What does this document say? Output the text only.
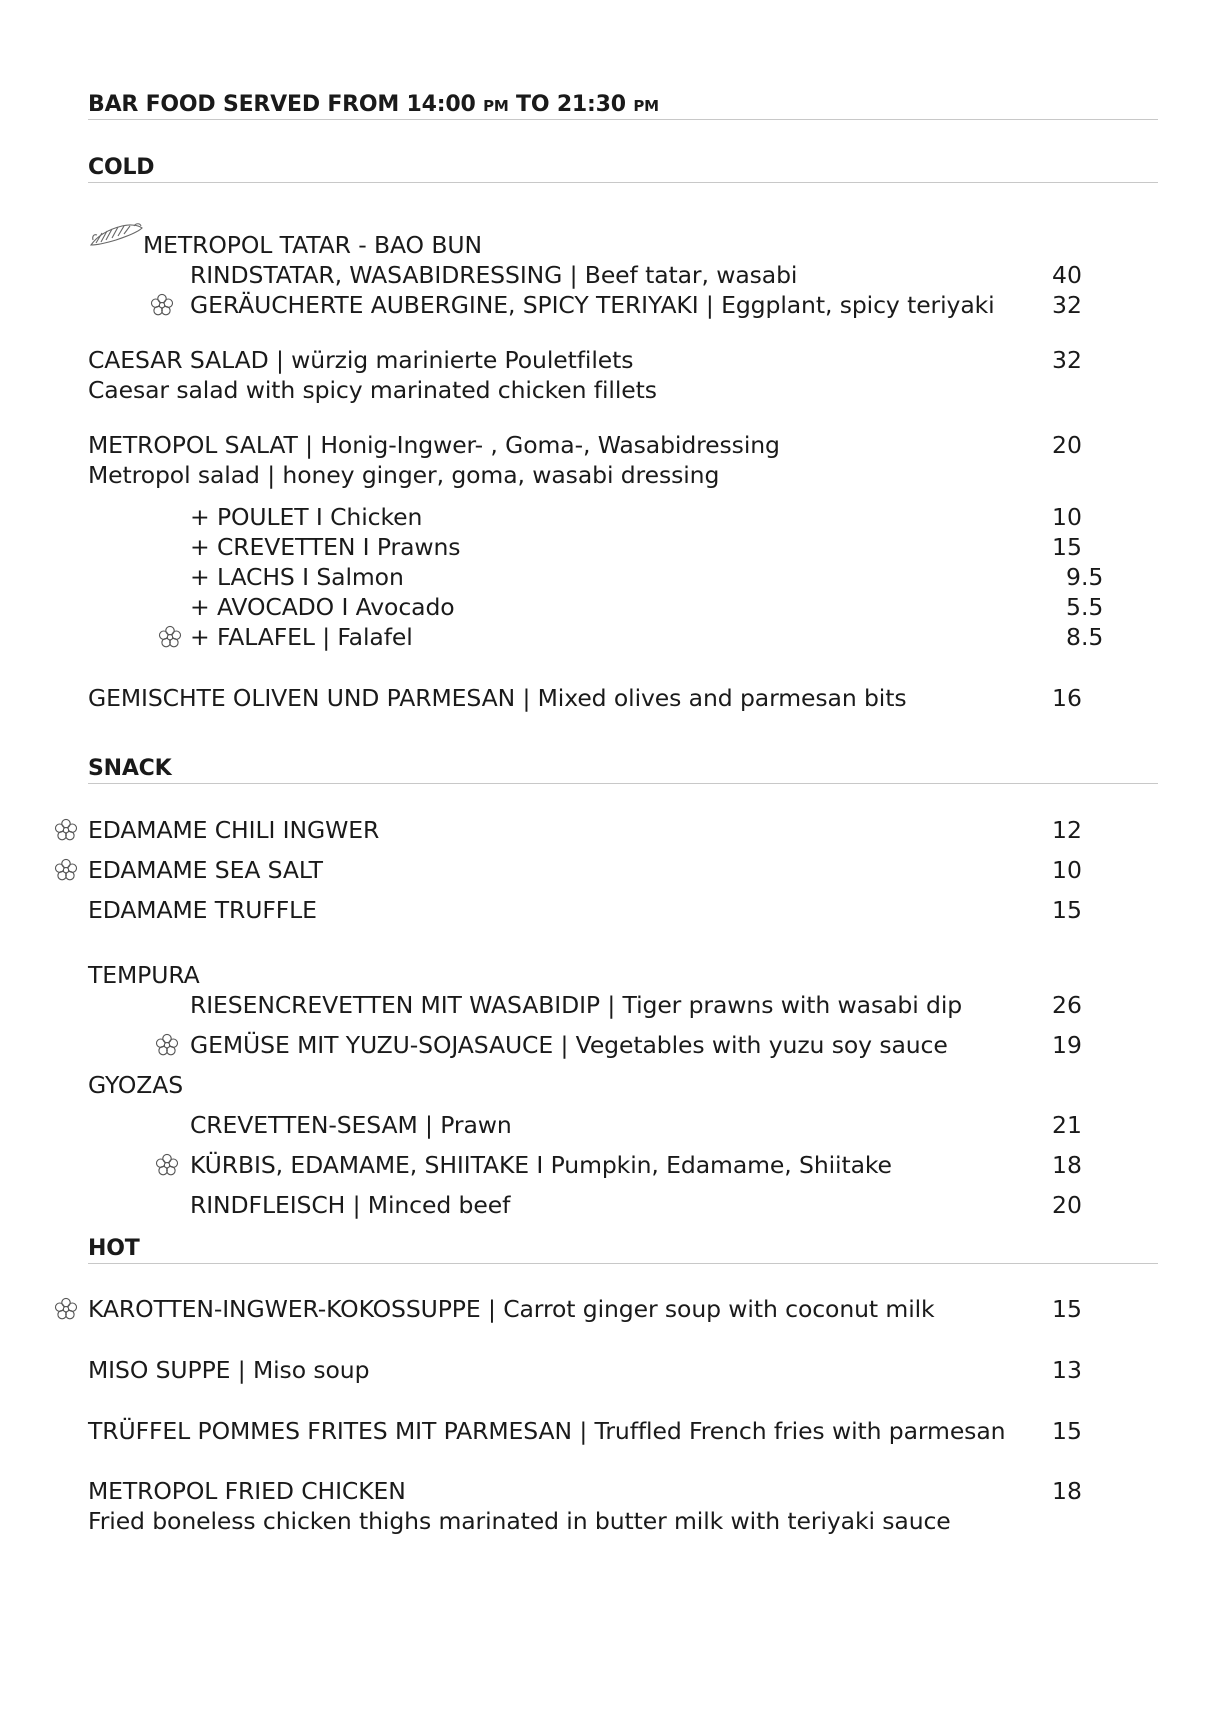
BAR FOOD SERVED FROM 14:00 PM TO 21:30 PM
COLD
METROPOL TATAR - BAO BUN
RINDSTATAR, WASABIDRESSING | Beef tatar, wasabi	40
GERÄUCHERTE AUBERGINE, SPICY TERIYAKI | Eggplant, spicy teriyaki 32
CAESAR SALAD | würzig marinierte Pouletfilets	32
Caesar salad with spicy marinated chicken fillets
METROPOL SALAT | Honig-Ingwer- , Goma-, Wasabidressing	20
Metropol salad | honey ginger, goma, wasabi dressing
+ POULET I Chicken	10
+ CREVETTEN I Prawns	15
+ LACHS I Salmon	9.5
+ AVOCADO I Avocado	5.5
+ FALAFEL | Falafel	8.5
GEMISCHTE OLIVEN UND PARMESAN | Mixed olives and parmesan bits	16
SNACK
EDAMAME CHILI INGWER	12
EDAMAME SEA SALT	10
EDAMAME TRUFFLE	15
TEMPURA
RIESENCREVETTEN MIT WASABIDIP | Tiger prawns with wasabi dip	26
GEMÜSE MIT YUZU-SOJASAUCE | Vegetables with yuzu soy sauce	19
GYOZAS
CREVETTEN-SESAM | Prawn	21
KÜRBIS, EDAMAME, SHIITAKE I Pumpkin, Edamame, Shiitake	18
RINDFLEISCH | Minced beef	20
HOT
KAROTTEN-INGWER-KOKOSSUPPE | Carrot ginger soup with coconut milk	15
MISO SUPPE | Miso soup	13
TRÜFFEL POMMES FRITES MIT PARMESAN | Truffled French fries with parmesan 15
METROPOL FRIED CHICKEN	18
Fried boneless chicken thighs marinated in butter milk with teriyaki sauce
